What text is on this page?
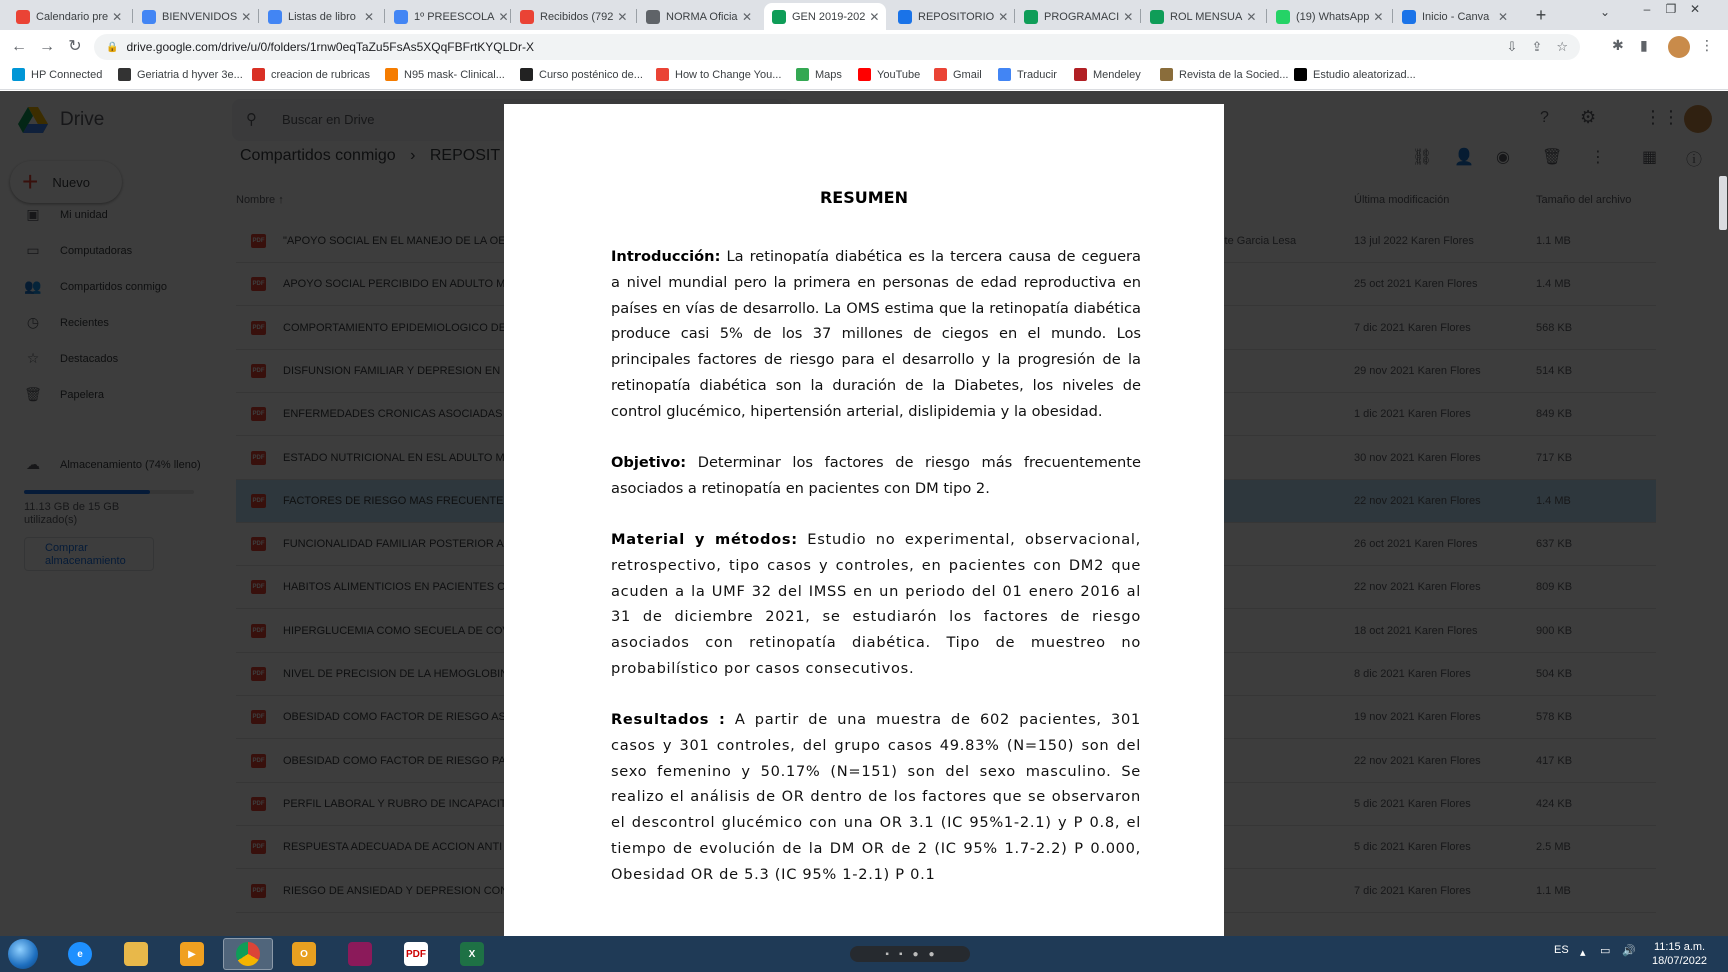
Calendario pre ✕	BIENVENIDOS ✕	Listas de libro ✕	1º PREESCOLA ✕	Recibidos (792 ✕	NORMA Oficia ✕	GEN 2019-202 ✕	REPOSITORIO ✕	PROGRAMACI ✕	ROL MENSUA ✕	(19) WhatsApp ✕	Inicio - Canva ✕	+	–	❐	✕
⌄
← → ↻	🔒 drive.google.com/drive/u/0/folders/1rnw0eqTaZu5FsAs5XQqFBFrtKYQLDr-X	⇩ ⇪ ☆	✱ ▮	⋮
HP Connected	Geriatria d hyver 3e...	creacion de rubricas	N95 mask- Clinical...	Curso posténico de...	How to Change You...	Maps	YouTube	Gmail	Traducir	Mendeley	Revista de la Socied... Estudio aleatorizad...
RESUMEN

Introducción: La retinopatía diabética es la tercera causa de ceguera a nivel mundial pero la primera en personas de edad reproductiva en países en vías de desarrollo. La OMS estima que la retinopatía diabética produce casi 5% de los 37 millones de ciegos en el mundo. Los principales factores de riesgo para el desarrollo y la progresión de la retinopatía diabética son la duración de la Diabetes, los niveles de control glucémico, hipertensión arterial, dislipidemia y la obesidad.

Objetivo: Determinar los factores de riesgo más frecuentemente asociados a retinopatía en pacientes con DM tipo 2.

Material y métodos: Estudio no experimental, observacional, retrospectivo, tipo casos y controles, en pacientes con DM2 que acuden a la UMF 32 del IMSS en un periodo del 01 enero 2016 al 31 de diciembre 2021, se estudiarón los factores de riesgo asociados con retinopatía diabética. Tipo de muestreo no probabilístico por casos consecutivos.

Resultados : A partir de una muestra de 602 pacientes, 301 casos y 301 controles, del grupo casos 49.83% (N=150) son del sexo femenino y 50.17% (N=151) son del sexo masculino. Se realizo el análisis de OR dentro de los factores que se observaron el descontrol glucémico con una OR 3.1 (IC 95%1-2.1) y P 0.8, el tiempo de evolución de la DM OR de 2 (IC 95% 1.7-2.2) P 0.000, Obesidad OR de 5.3 (IC 95% 1-2.1) P 0.1

e	▶	O	PDF	X	▪ ▪ ● ●	ES ▴ ▭ 🔊 11:15 a.m.
18/07/2022
